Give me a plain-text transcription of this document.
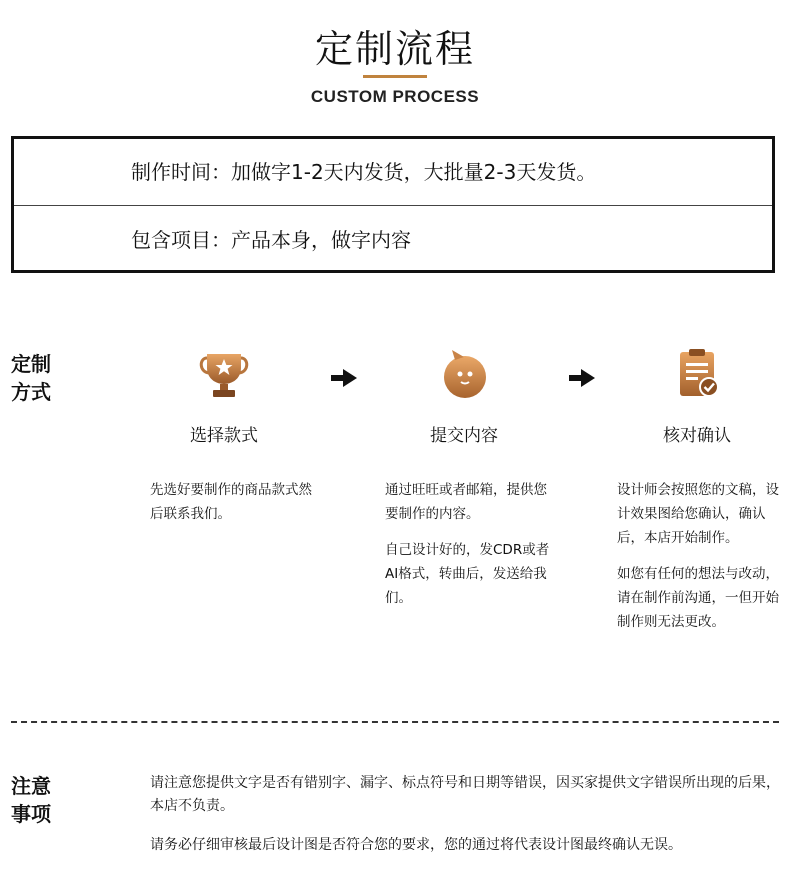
定制流程
CUSTOM PROCESS
制作时间：加做字1-2天内发货，大批量2-3天发货。
包含项目：产品本身，做字内容
定制
方式
选择款式	提交内容	核对确认

先选好要制作的商品款式然后联系我们。

通过旺旺或者邮箱，提供您要制作的内容。

自己设计好的，发CDR或者AI格式，转曲后，发送给我们。

设计师会按照您的文稿，设计效果图给您确认，确认后，本店开始制作。

如您有任何的想法与改动，请在制作前沟通，一但开始制作则无法更改。

注意
事项

请注意您提供文字是否有错别字、漏字、标点符号和日期等错误，因买家提供文字错误所出现的后果，本店不负责。

请务必仔细审核最后设计图是否符合您的要求，您的通过将代表设计图最终确认无误。
